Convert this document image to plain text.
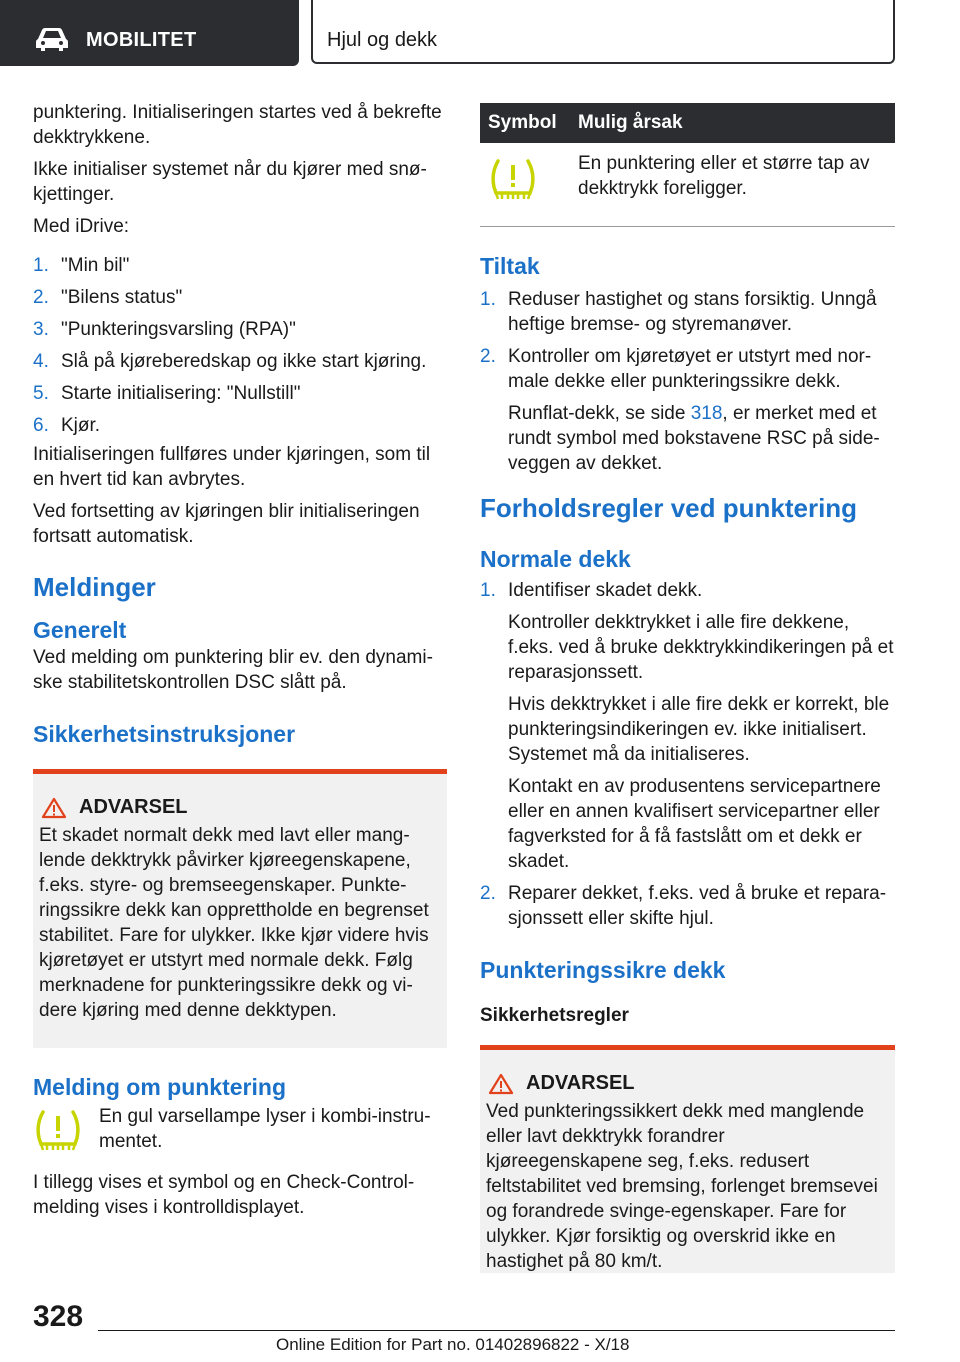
MOBILITET	Hjul og dekk

punktering. Initialiseringen startes ved å bekrefte dekktrykkene.

Ikke initialiser systemet når du kjører med snø-kjettinger.

Med iDrive:

1. "Min bil"
2. "Bilens status"
3. "Punkteringsvarsling (RPA)"
4. Slå på kjøreberedskap og ikke start kjøring.
5. Starte initialisering: "Nullstill"
6. Kjør.

Initialiseringen fullføres under kjøringen, som til en hvert tid kan avbrytes.

Ved fortsetting av kjøringen blir initialiseringen fortsatt automatisk.

Meldinger
Generelt

Ved melding om punktering blir ev. den dynami-ske stabilitetskontrollen DSC slått på.

Sikkerhetsinstruksjoner
ADVARSEL

Et skadet normalt dekk med lavt eller mang-lende dekktrykk påvirker kjøreegenskapene, f.eks. styre- og bremseegenskaper. Punkte-ringssikre dekk kan opprettholde en begrenset stabilitet. Fare for ulykker. Ikke kjør videre hvis kjøretøyet er utstyrt med normale dekk. Følg merknadene for punkteringssikre dekk og vi-dere kjøring med denne dekktypen.

Melding om punktering

En gul varsellampe lyser i kombi-instru-mentet.

I tillegg vises et symbol og en Check-Control-melding vises i kontrolldisplayet.

Symbol	Mulig årsak
	En punktering eller et større tap av dekktrykk foreligger.
Tiltak
1. Reduser hastighet og stans forsiktig. Unngå heftige bremse- og styremanøver.
2. Kontroller om kjøretøyet er utstyrt med nor-male dekke eller punkteringssikre dekk.
Runflat-dekk, se side 318, er merket med et rundt symbol med bokstavene RSC på side-veggen av dekket.
Forholdsregler ved punktering
Normale dekk
1. Identifiser skadet dekk.
Kontroller dekktrykket i alle fire dekkene, f.eks. ved å bruke dekktrykkindikeringen på et reparasjonssett.
Hvis dekktrykket i alle fire dekk er korrekt, ble punkteringsindikeringen ev. ikke initialisert. Systemet må da initialiseres.
Kontakt en av produsentens servicepartnere eller en annen kvalifisert servicepartner eller fagverksted for å få fastslått om et dekk er skadet.
2. Reparer dekket, f.eks. ved å bruke et repara-sjonssett eller skifte hjul.
Punkteringssikre dekk
Sikkerhetsregler
ADVARSEL

Ved punkteringssikkert dekk med manglende eller lavt dekktrykk forandrer kjøreegenskapene seg, f.eks. redusert feltstabilitet ved bremsing, forlenget bremsevei og forandrede svinge-egenskaper. Fare for ulykker. Kjør forsiktig og overskrid ikke en hastighet på 80 km/t.

328
Online Edition for Part no. 01402896822 - X/18
